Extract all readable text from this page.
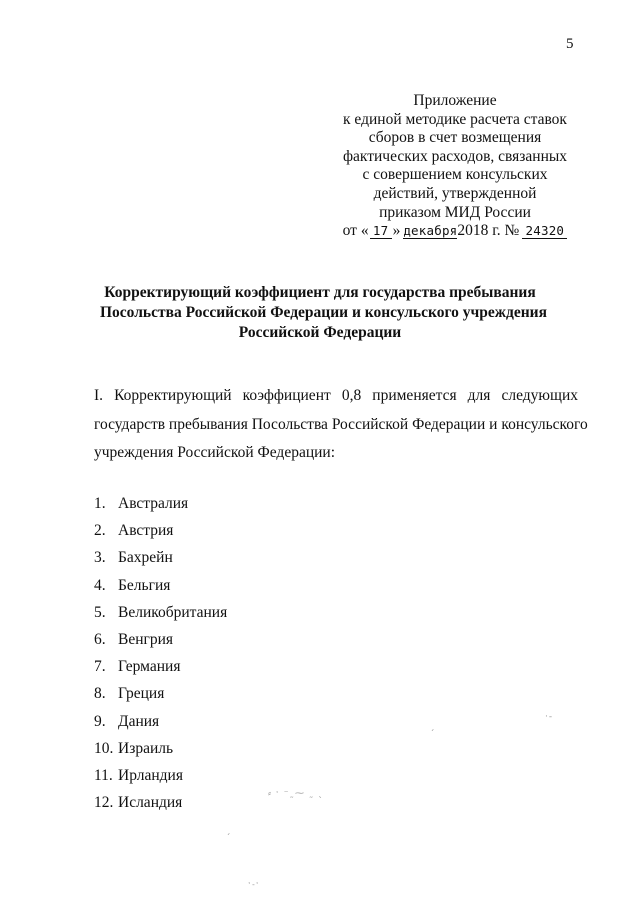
5
Приложение
к единой методике расчета ставок
сборов в счет возмещения
фактических расходов, связанных
с совершением консульских
действий, утвержденной
приказом МИД России
от « 17 » декабря2018 г. № 24320
Корректирующий коэффициент для государства пребывания
Посольства Российской Федерации и консульского учреждения
Российской Федерации
I. Корректирующий коэффициент 0,8 применяется для следующих
государств пребывания Посольства Российской Федерации и консульского
учреждения Российской Федерации:
1. Австралия
2. Австрия
3. Бахрейн
4. Бельгия
5. Великобритания
6. Венгрия
7. Германия
8. Греция
9. Дания
10. Израиль
11. Ирландия
12. Исландия
ˏ
·‐
⸗ ˑ ⁻˷⁓ ˷ ˎ
ˏ
ˑ˗ˑ
